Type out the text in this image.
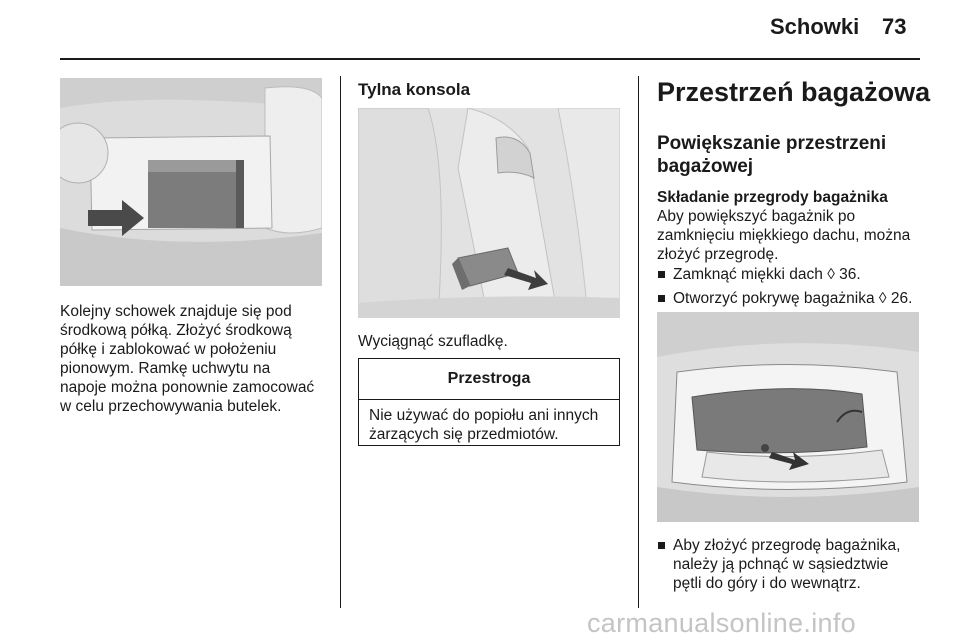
Schowki 73
Kolejny schowek znajduje się pod
środkową półką. Złożyć środkową
półkę i zablokować w położeniu
pionowym. Ramkę uchwytu na
napoje można ponownie zamocować
w celu przechowywania butelek.
Tylna konsola
Wyciągnąć szufladkę.
Przestroga
Nie używać do popiołu ani innych
żarzących się przedmiotów.
Przestrzeń bagażowa
Powiększanie przestrzeni
bagażowej
Składanie przegrody bagażnika
Aby powiększyć bagażnik po
zamknięciu miękkiego dachu, można
złożyć przegrodę.
Zamknąć miękki dach ◊ 36.
Otworzyć pokrywę bagażnika ◊ 26.
Aby złożyć przegrodę bagażnika,
należy ją pchnąć w sąsiedztwie
pętli do góry i do wewnątrz.
carmanualsonline.info
